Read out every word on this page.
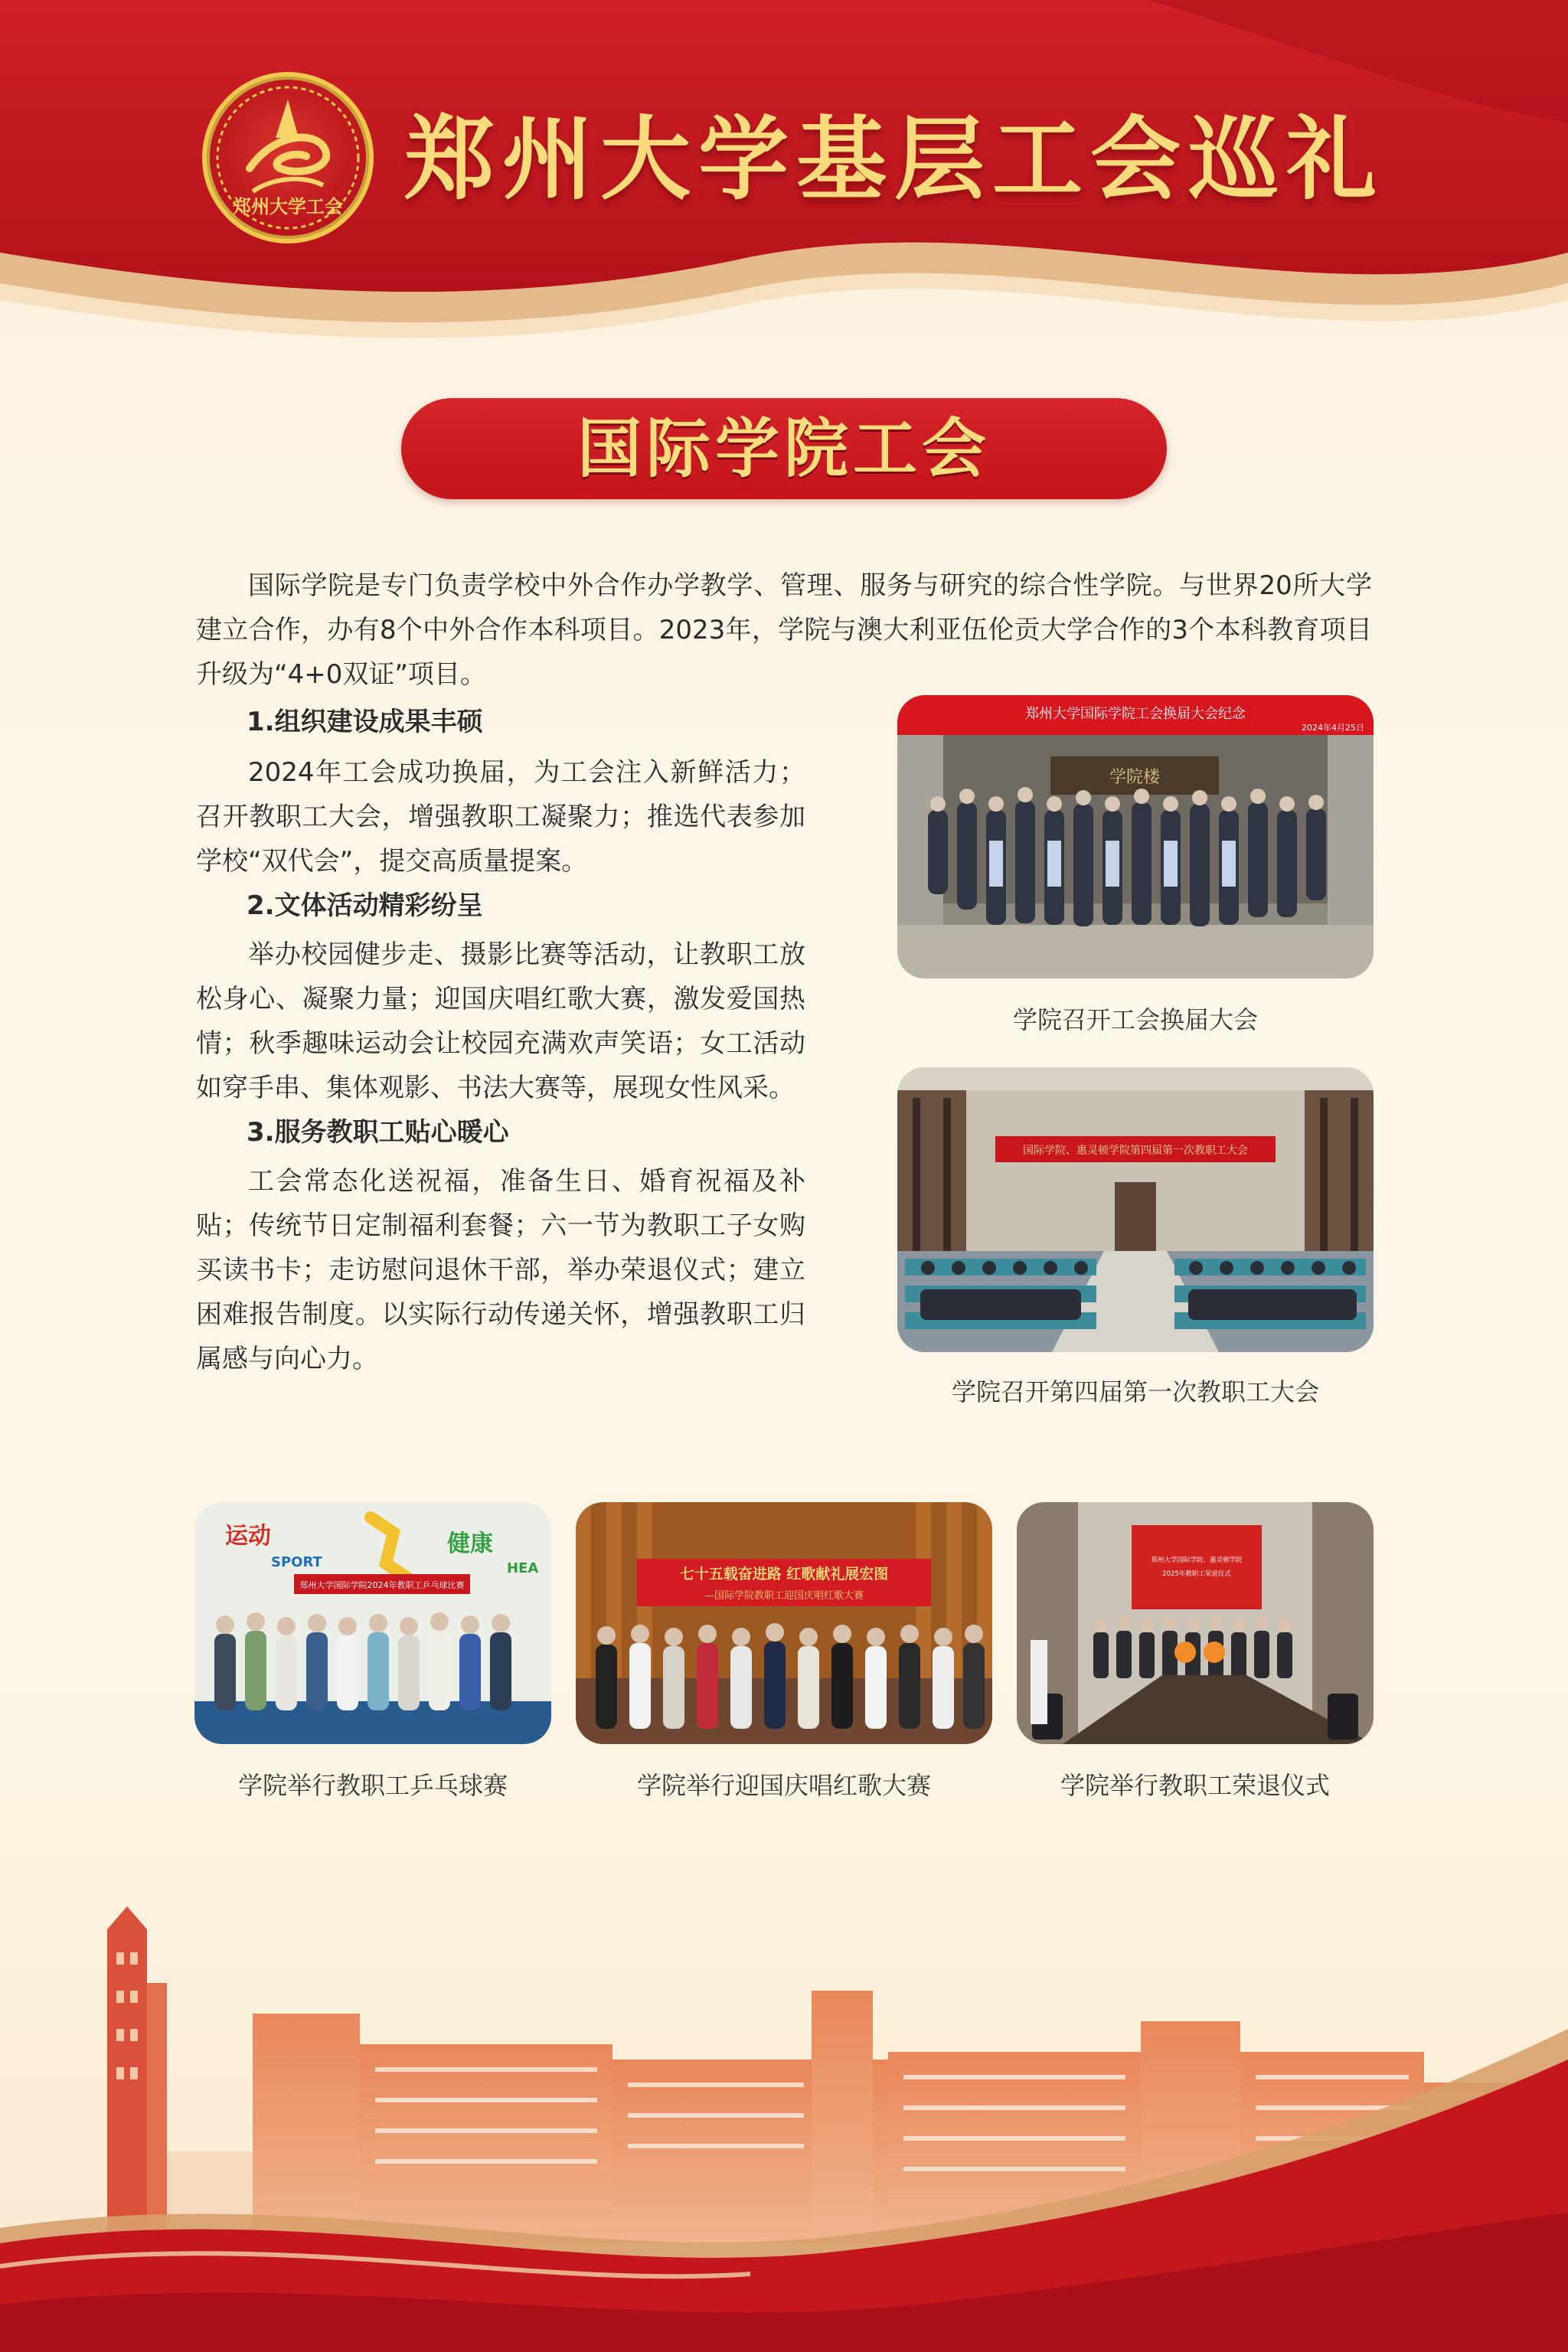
郑州大学工会 郑州大学基层工会巡礼
国际学院工会
国际学院是专门负责学校中外合作办学教学、管理、服务与研究的综合性学院。与世界20所大学建立合作，办有8个中外合作本科项目。2023年，学院与澳大利亚伍伦贡大学合作的3个本科教育项目升级为“4+0双证”项目。
1.组织建设成果丰硕
2024年工会成功换届，为工会注入新鲜活力；召开教职工大会，增强教职工凝聚力；推选代表参加学校“双代会”，提交高质量提案。
2.文体活动精彩纷呈
举办校园健步走、摄影比赛等活动，让教职工放松身心、凝聚力量；迎国庆唱红歌大赛，激发爱国热情；秋季趣味运动会让校园充满欢声笑语；女工活动如穿手串、集体观影、书法大赛等，展现女性风采。
3.服务教职工贴心暖心
工会常态化送祝福，准备生日、婚育祝福及补贴；传统节日定制福利套餐；六一节为教职工子女购买读书卡；走访慰问退休干部，举办荣退仪式；建立困难报告制度。以实际行动传递关怀，增强教职工归属感与向心力。
郑州大学国际学院工会换届大会纪念
2024年4月25日
学院楼
学院召开工会换届大会
国际学院、惠灵顿学院第四届第一次教职工大会
学院召开第四届第一次教职工大会
运动
SPORT
健康
HEA
郑州大学国际学院2024年教职工乒乓球比赛
学院举行教职工乒乓球赛
七十五载奋进路 红歌献礼展宏图
—国际学院教职工迎国庆唱红歌大赛
学院举行迎国庆唱红歌大赛
郑州大学国际学院、惠灵顿学院
2025年教职工荣退仪式
学院举行教职工荣退仪式
